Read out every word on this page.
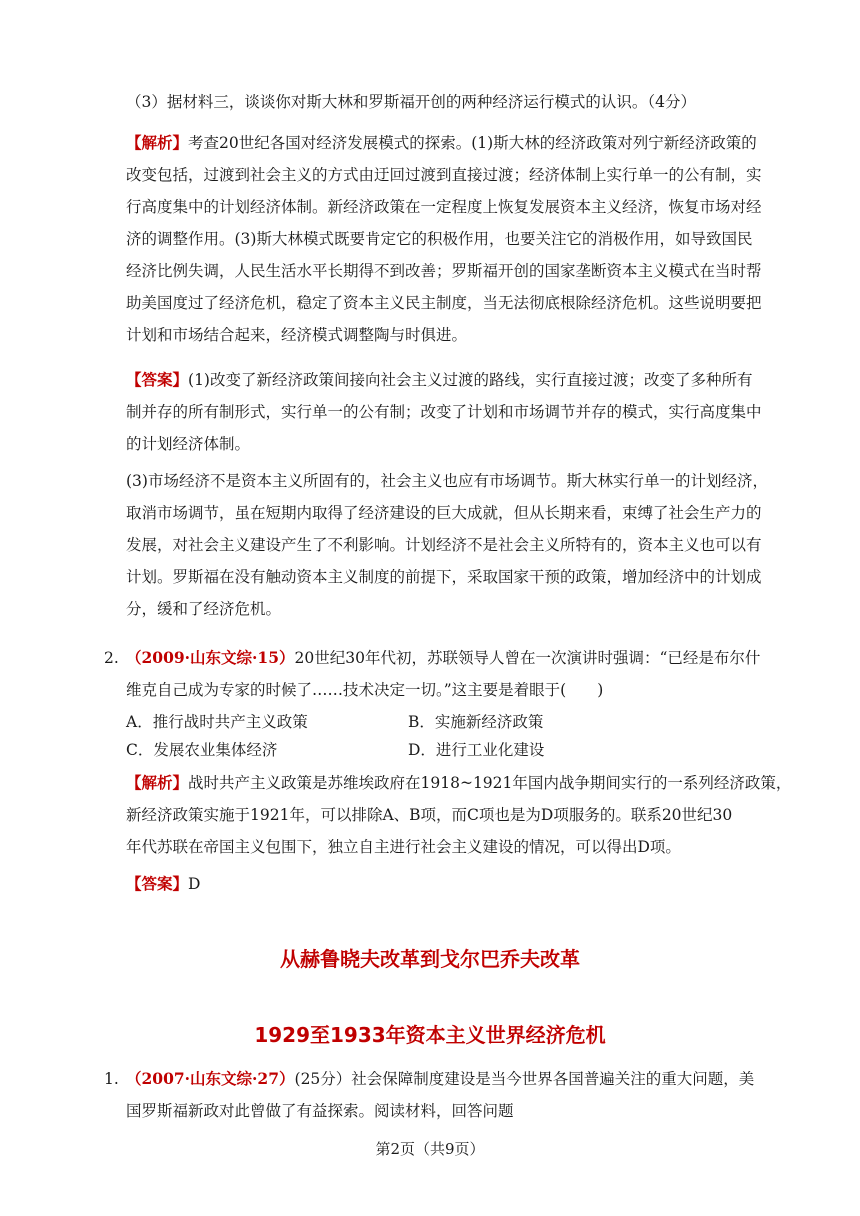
（3）据材料三，谈谈你对斯大林和罗斯福开创的两种经济运行模式的认识。（4分）

【解析】考查20世纪各国对经济发展模式的探索。(1)斯大林的经济政策对列宁新经济政策的
改变包括，过渡到社会主义的方式由迂回过渡到直接过渡；经济体制上实行单一的公有制，实
行高度集中的计划经济体制。新经济政策在一定程度上恢复发展资本主义经济，恢复市场对经
济的调整作用。(3)斯大林模式既要肯定它的积极作用，也要关注它的消极作用，如导致国民
经济比例失调，人民生活水平长期得不到改善；罗斯福开创的国家垄断资本主义模式在当时帮
助美国度过了经济危机，稳定了资本主义民主制度，当无法彻底根除经济危机。这些说明要把
计划和市场结合起来，经济模式调整陶与时俱进。

【答案】(1)改变了新经济政策间接向社会主义过渡的路线，实行直接过渡；改变了多种所有
制并存的所有制形式，实行单一的公有制；改变了计划和市场调节并存的模式，实行高度集中
的计划经济体制。

(3)市场经济不是资本主义所固有的，社会主义也应有市场调节。斯大林实行单一的计划经济，
取消市场调节，虽在短期内取得了经济建设的巨大成就，但从长期来看，束缚了社会生产力的
发展，对社会主义建设产生了不利影响。计划经济不是社会主义所特有的，资本主义也可以有
计划。罗斯福在没有触动资本主义制度的前提下，采取国家干预的政策，增加经济中的计划成
分，缓和了经济危机。

2. （2009·山东文综·15）20世纪30年代初，苏联领导人曾在一次演讲时强调：“已经是布尔什
维克自己成为专家的时候了……技术决定一切。”这主要是着眼于(　　)

A．推行战时共产主义政策	B．实施新经济政策
C．发展农业集体经济	D．进行工业化建设

【解析】战时共产主义政策是苏维埃政府在1918~1921年国内战争期间实行的一系列经济政策，
新经济政策实施于1921年，可以排除A、B项，而C项也是为D项服务的。联系20世纪30
年代苏联在帝国主义包围下，独立自主进行社会主义建设的情况，可以得出D项。

【答案】D

从赫鲁晓夫改革到戈尔巴乔夫改革
1929至1933年资本主义世界经济危机
1. （2007·山东文综·27）(25分）社会保障制度建设是当今世界各国普遍关注的重大问题，美
国罗斯福新政对此曾做了有益探索。阅读材料，回答问题

第2页（共9页）
